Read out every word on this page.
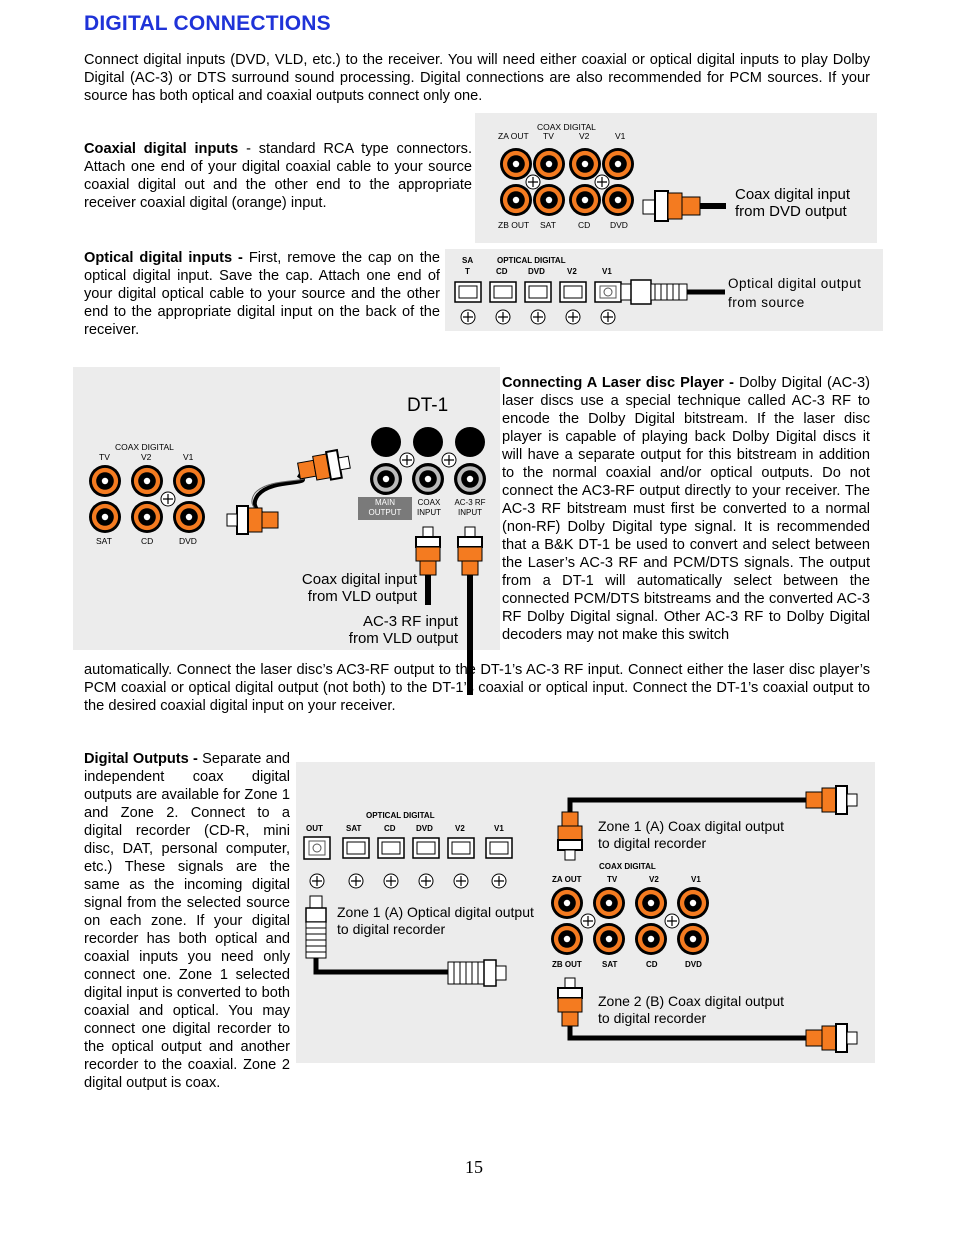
DIGITAL CONNECTIONS

Connect digital inputs (DVD, VLD, etc.) to the receiver. You will need either coaxial or optical digital inputs to play Dolby Digital (AC-3) or DTS surround sound processing. Digital connections are also recommended for PCM sources. If your source has both optical and coaxial outputs connect only one.

Coaxial digital inputs - standard RCA type connectors. Attach one end of your digital coaxial cable to your source coaxial digital out and the other end to the appropriate receiver coaxial digital (orange) input.

COAX DIGITAL
ZA OUT TV	V2	V1
ZB OUT SAT	CD DVD
Coax digital input
from DVD output

Optical digital inputs - First, remove the cap on the optical digital input. Save the cap. Attach one end of your digital optical cable to your source and the other end to the appropriate digital input on the back of the receiver.

OPTICAL DIGITAL
SA
T	CD	DVD	V2	V1
Optical digital output
from source
COAX DIGITAL
TV	V2	V1
SAT	CD	DVD
DT-1
MAIN
OUTPUT
COAX
INPUT
AC-3 RF
INPUT
Coax digital input
from VLD output
AC-3 RF input
from VLD output

Connecting A Laser disc Player - Dolby Digital (AC-3) laser discs use a special technique called AC-3 RF to encode the Dolby Digital bitstream. If the laser disc player is capable of playing back Dolby Digital discs it will have a separate output for this bitstream in addition to the normal coaxial and/or optical outputs. Do not connect the AC3-RF output directly to your receiver. The AC-3 RF bitstream must first be converted to a normal (non-RF) Dolby Digital type signal. It is recommended that a B&K DT-1 be used to convert and select between the Laser’s AC-3 RF and PCM/DTS signals. The output from a DT-1 will automatically select between the connected PCM/DTS bitstreams and the converted AC-3 RF Dolby Digital signal. Other AC-3 RF to Dolby Digital decoders may not make this switch

automatically. Connect the laser disc’s AC3-RF output to the DT-1’s AC-3 RF input. Connect either the laser disc player’s PCM coaxial or optical digital output (not both) to the DT-1’s coaxial or optical input. Connect the DT-1’s coaxial output to the desired coaxial digital input on your receiver.

Digital Outputs - Separate and independent coax digital outputs are available for Zone 1 and Zone 2. Connect to a digital recorder (CD-R, mini disc, DAT, personal computer, etc.) These signals are the same as the incoming digital signal from the selected source on each zone. If your digital recorder has both optical and coaxial inputs you need only connect one. Zone 1 selected digital input is converted to both coaxial and optical. You may connect one digital recorder to the optical output and another recorder to the coaxial. Zone 2 digital output is coax.

OPTICAL DIGITAL
OUT	SAT	CD	DVD	V2	V1
COAX DIGITAL
ZA OUT	TV	V2	V1
ZB OUT	SAT	CD	DVD
Zone 1 (A) Coax digital output
to digital recorder
Zone 1 (A) Optical digital output
to digital recorder
Zone 2 (B) Coax digital output
to digital recorder
15
